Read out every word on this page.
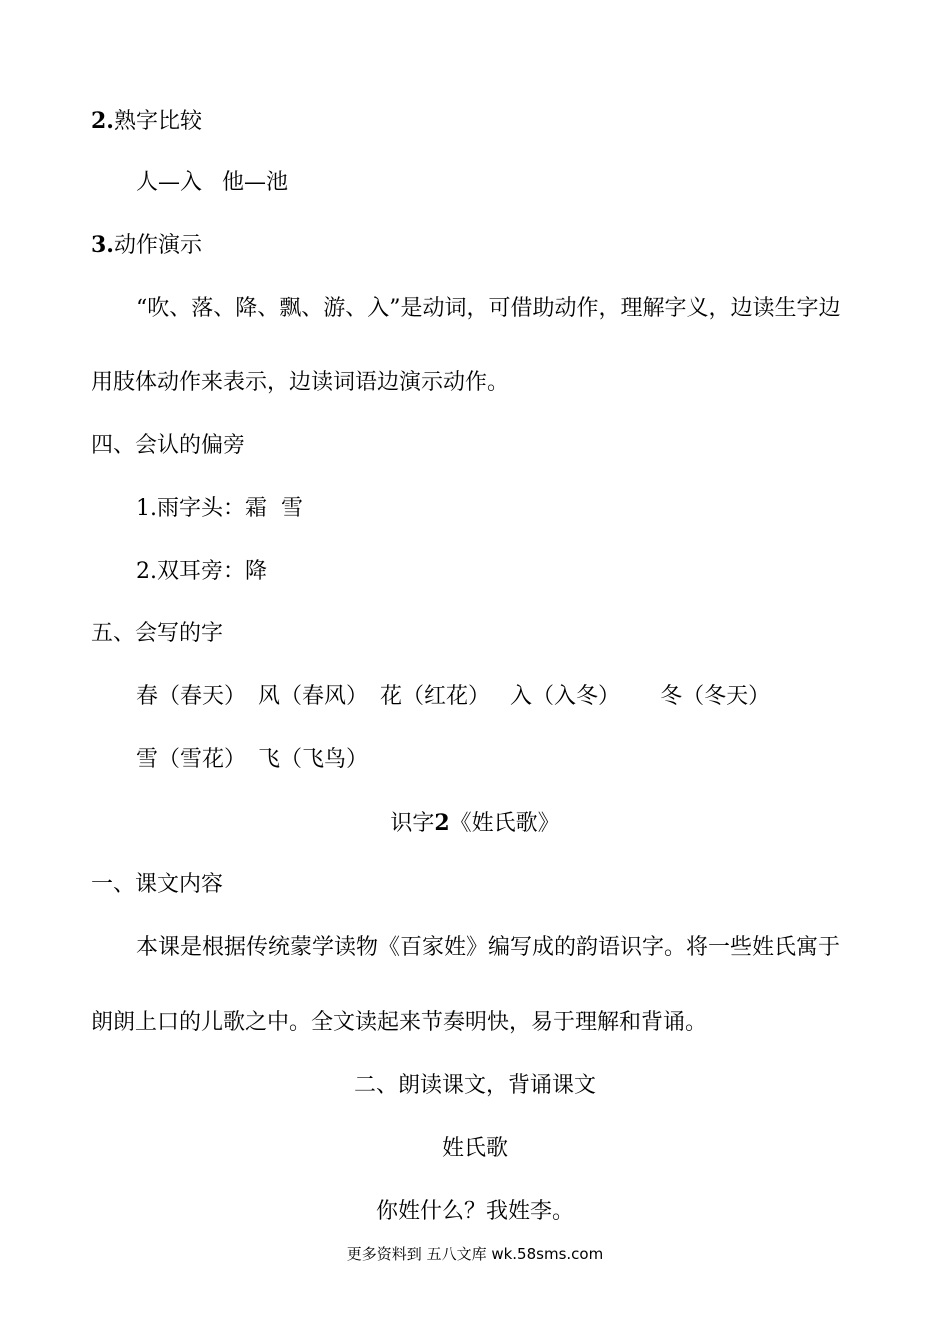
2.熟字比较
人—入 他—池
3.动作演示
“吹、落、降、飘、游、入”是动词，可借助动作，理解字义，边读生字边
用肢体动作来表示，边读词语边演示动作。
四、会认的偏旁
1.雨字头：霜  雪
2.双耳旁：降
五、会写的字
春（春天） 风（春风） 花（红花） 入（入冬） 冬（冬天）
雪（雪花） 飞（飞鸟）
识字2《姓氏歌》
一、课文内容
本课是根据传统蒙学读物《百家姓》编写成的韵语识字。将一些姓氏寓于
朗朗上口的儿歌之中。全文读起来节奏明快，易于理解和背诵。
二、朗读课文，背诵课文
姓氏歌
你姓什么？我姓李。
更多资料到 五八文库 wk.58sms.com
